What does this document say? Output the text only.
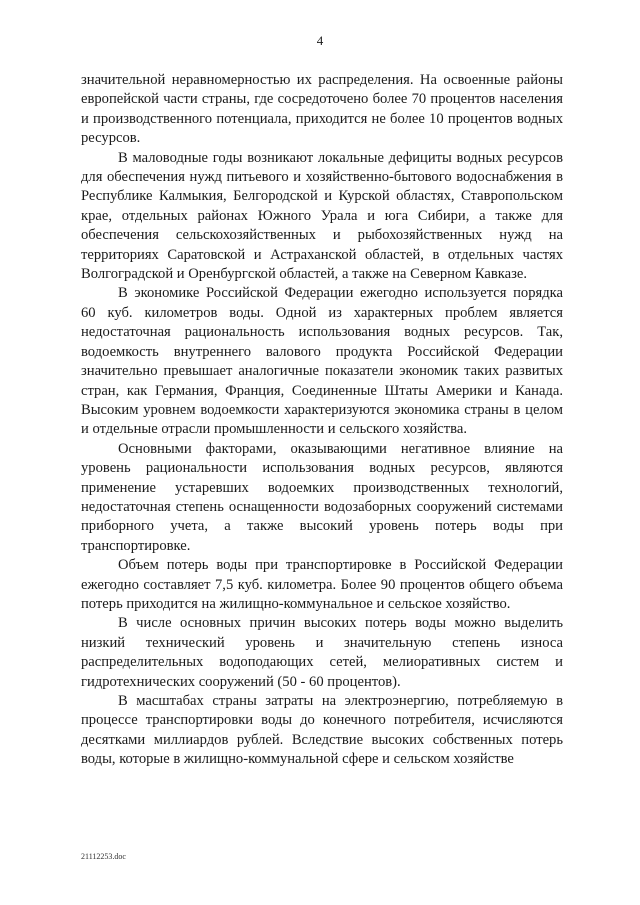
4

значительной неравномерностью их распределения. На освоенные районы европейской части страны, где сосредоточено более 70 процентов населения и производственного потенциала, приходится не более 10 процентов водных ресурсов.

В маловодные годы возникают локальные дефициты водных ресурсов для обеспечения нужд питьевого и хозяйственно-бытового водоснабжения в Республике Калмыкия, Белгородской и Курской областях, Ставропольском крае, отдельных районах Южного Урала и юга Сибири, а также для обеспечения сельскохозяйственных и рыбохозяйственных нужд на территориях Саратовской и Астраханской областей, в отдельных частях Волгоградской и Оренбургской областей, а также на Северном Кавказе.

В экономике Российской Федерации ежегодно используется порядка 60 куб. километров воды. Одной из характерных проблем является недостаточная рациональность использования водных ресурсов. Так, водоемкость внутреннего валового продукта Российской Федерации значительно превышает аналогичные показатели экономик таких развитых стран, как Германия, Франция, Соединенные Штаты Америки и Канада. Высоким уровнем водоемкости характеризуются экономика страны в целом и отдельные отрасли промышленности и сельского хозяйства.

Основными факторами, оказывающими негативное влияние на уровень рациональности использования водных ресурсов, являются применение устаревших водоемких производственных технологий, недостаточная степень оснащенности водозаборных сооружений системами приборного учета, а также высокий уровень потерь воды при транспортировке.

Объем потерь воды при транспортировке в Российской Федерации ежегодно составляет 7,5 куб. километра. Более 90 процентов общего объема потерь приходится на жилищно-коммунальное и сельское хозяйство.

В числе основных причин высоких потерь воды можно выделить низкий технический уровень и значительную степень износа распределительных водоподающих сетей, мелиоративных систем и гидротехнических сооружений (50 - 60 процентов).

В масштабах страны затраты на электроэнергию, потребляемую в процессе транспортировки воды до конечного потребителя, исчисляются десятками миллиардов рублей. Вследствие высоких собственных потерь воды, которые в жилищно-коммунальной сфере и сельском хозяйстве

21112253.doc
